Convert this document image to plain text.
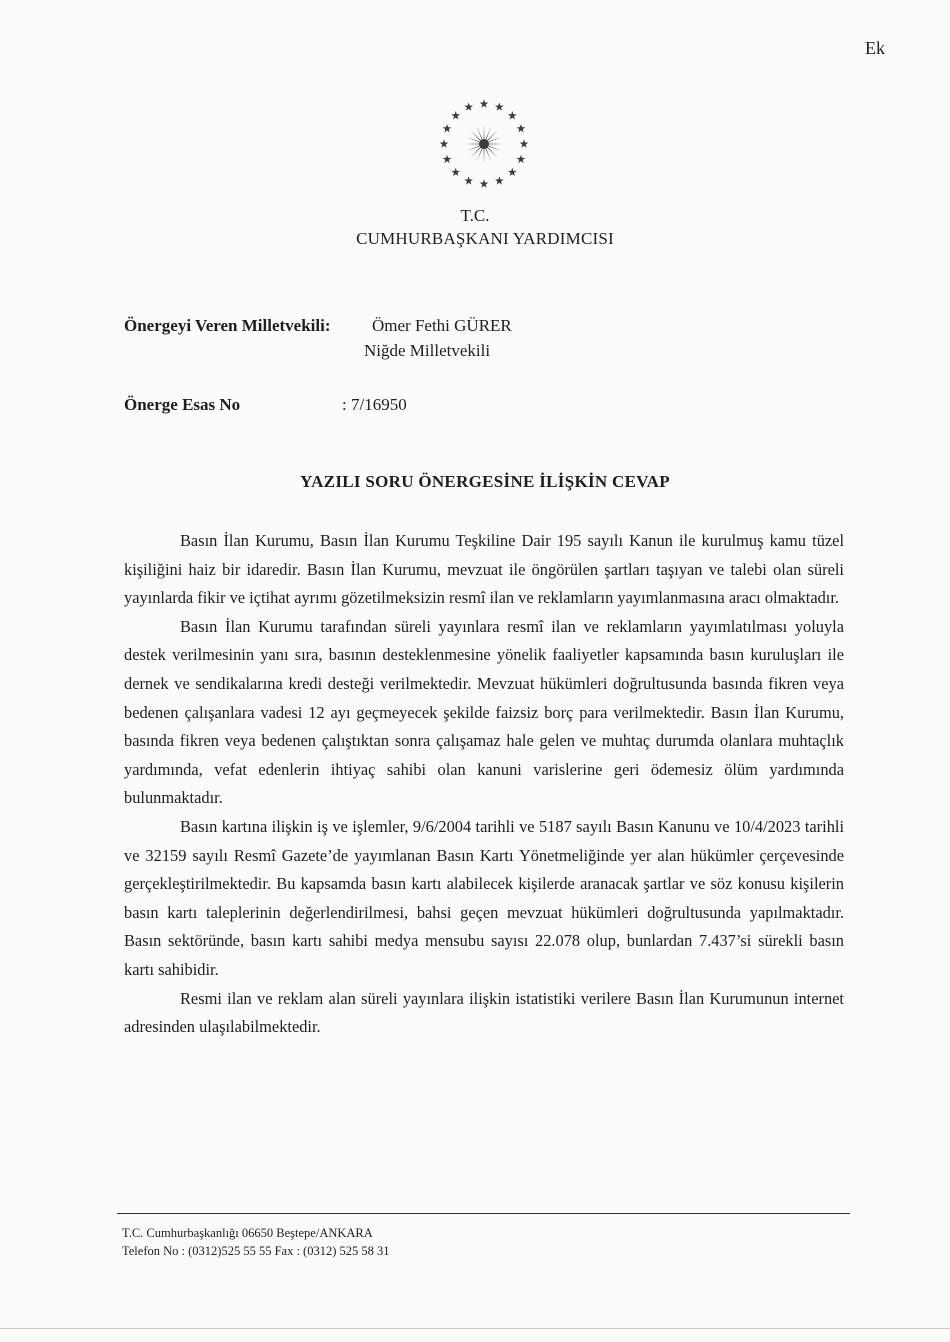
Ek
T.C.
CUMHURBAŞKANI YARDIMCISI
Önergeyi Veren Milletvekili: Ömer Fethi GÜRER
Niğde Milletvekili
Önerge Esas No	: 7/16950
YAZILI SORU ÖNERGESİNE İLİŞKİN CEVAP

Basın İlan Kurumu, Basın İlan Kurumu Teşkiline Dair 195 sayılı Kanun ile kurulmuş kamu tüzel kişiliğini haiz bir idaredir. Basın İlan Kurumu, mevzuat ile öngörülen şartları taşıyan ve talebi olan süreli yayınlarda fikir ve içtihat ayrımı gözetilmeksizin resmî ilan ve reklamların yayımlanmasına aracı olmaktadır.

Basın İlan Kurumu tarafından süreli yayınlara resmî ilan ve reklamların yayımlatılması yoluyla destek verilmesinin yanı sıra, basının desteklenmesine yönelik faaliyetler kapsamında basın kuruluşları ile dernek ve sendikalarına kredi desteği verilmektedir. Mevzuat hükümleri doğrultusunda basında fikren veya bedenen çalışanlara vadesi 12 ayı geçmeyecek şekilde faizsiz borç para verilmektedir. Basın İlan Kurumu, basında fikren veya bedenen çalıştıktan sonra çalışamaz hale gelen ve muhtaç durumda olanlara muhtaçlık yardımında, vefat edenlerin ihtiyaç sahibi olan kanuni varislerine geri ödemesiz ölüm yardımında bulunmaktadır.

Basın kartına ilişkin iş ve işlemler, 9/6/2004 tarihli ve 5187 sayılı Basın Kanunu ve 10/4/2023 tarihli ve 32159 sayılı Resmî Gazete’de yayımlanan Basın Kartı Yönetmeliğinde yer alan hükümler çerçevesinde gerçekleştirilmektedir. Bu kapsamda basın kartı alabilecek kişilerde aranacak şartlar ve söz konusu kişilerin basın kartı taleplerinin değerlendirilmesi, bahsi geçen mevzuat hükümleri doğrultusunda yapılmaktadır. Basın sektöründe, basın kartı sahibi medya mensubu sayısı 22.078 olup, bunlardan 7.437’si sürekli basın kartı sahibidir.

Resmi ilan ve reklam alan süreli yayınlara ilişkin istatistiki verilere Basın İlan Kurumunun internet adresinden ulaşılabilmektedir.

T.C. Cumhurbaşkanlığı 06650 Beştepe/ANKARA
Telefon No : (0312)525 55 55 Fax : (0312) 525 58 31
